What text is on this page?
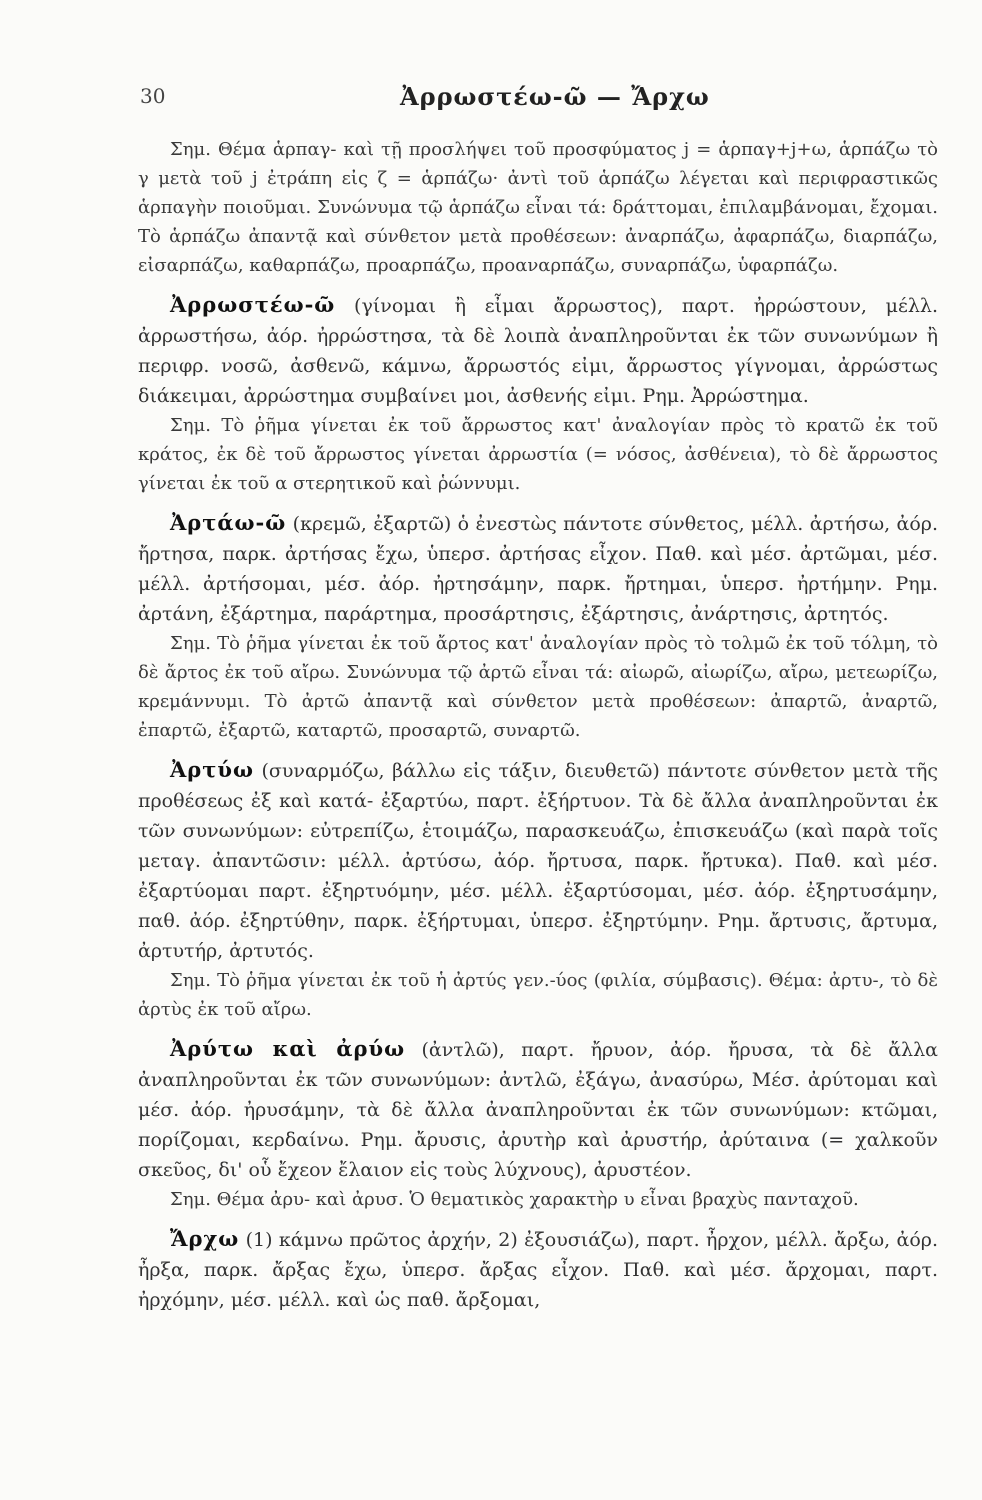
30	Ἀρρωστέω-ῶ — Ἄρχω

Σημ. Θέμα ἁρπαγ- καὶ τῇ προσλήψει τοῦ προσφύματος j = ἁρπαγ+j+ω, ἁρπάζω τὸ γ μετὰ τοῦ j ἐτράπη εἰς ζ = ἁρπάζω· ἀντὶ τοῦ ἁρπάζω λέγεται καὶ περιφραστικῶς ἁρπαγὴν ποιοῦμαι. Συνώνυμα τῷ ἁρπάζω εἶναι τά: δράττομαι, ἐπιλαμβάνομαι, ἔχομαι. Τὸ ἁρπάζω ἀπαντᾷ καὶ σύνθετον μετὰ προθέσεων: ἀναρπάζω, ἀφαρπάζω, διαρπάζω, εἰσαρπάζω, καθαρπάζω, προαρπάζω, προαναρπάζω, συναρπάζω, ὑφαρπάζω.

Ἀρρωστέω-ῶ (γίνομαι ἢ εἶμαι ἄρρωστος), παρτ. ἠρρώστουν, μέλλ. ἀρρωστήσω, ἀόρ. ἠρρώστησα, τὰ δὲ λοιπὰ ἀναπληροῦνται ἐκ τῶν συνωνύμων ἢ περιφρ. νοσῶ, ἀσθενῶ, κάμνω, ἄρρωστός εἰμι, ἄρρωστος γίγνομαι, ἀρρώστως διάκειμαι, ἀρρώστημα συμβαίνει μοι, ἀσθενής εἰμι. Ρημ. Ἀρρώστημα.

Σημ. Τὸ ῥῆμα γίνεται ἐκ τοῦ ἄρρωστος κατ' ἀναλογίαν πρὸς τὸ κρατῶ ἐκ τοῦ κράτος, ἐκ δὲ τοῦ ἄρρωστος γίνεται ἀρρωστία (= νόσος, ἀσθένεια), τὸ δὲ ἄρρωστος γίνεται ἐκ τοῦ α στερητικοῦ καὶ ῥώννυμι.

Ἀρτάω-ῶ (κρεμῶ, ἐξαρτῶ) ὁ ἐνεστὼς πάντοτε σύνθετος, μέλλ. ἀρτήσω, ἀόρ. ἤρτησα, παρκ. ἀρτήσας ἔχω, ὑπερσ. ἀρτήσας εἶχον. Παθ. καὶ μέσ. ἀρτῶμαι, μέσ. μέλλ. ἀρτήσομαι, μέσ. ἀόρ. ἠρτησάμην, παρκ. ἤρτημαι, ὑπερσ. ἠρτήμην. Ρημ. ἀρτάνη, ἐξάρτημα, παράρτημα, προσάρτησις, ἐξάρτησις, ἀνάρτησις, ἀρτητός.

Σημ. Τὸ ῥῆμα γίνεται ἐκ τοῦ ἄρτος κατ' ἀναλογίαν πρὸς τὸ τολμῶ ἐκ τοῦ τόλμη, τὸ δὲ ἄρτος ἐκ τοῦ αἴρω. Συνώνυμα τῷ ἀρτῶ εἶναι τά: αἰωρῶ, αἰωρίζω, αἴρω, μετεωρίζω, κρεμάννυμι. Τὸ ἀρτῶ ἀπαντᾷ καὶ σύνθετον μετὰ προθέσεων: ἀπαρτῶ, ἀναρτῶ, ἐπαρτῶ, ἐξαρτῶ, καταρτῶ, προσαρτῶ, συναρτῶ.

Ἀρτύω (συναρμόζω, βάλλω εἰς τάξιν, διευθετῶ) πάντοτε σύνθετον μετὰ τῆς προθέσεως ἐξ καὶ κατά- ἐξαρτύω, παρτ. ἐξήρτυον. Τὰ δὲ ἄλλα ἀναπληροῦνται ἐκ τῶν συνωνύμων: εὐτρεπίζω, ἑτοιμάζω, παρασκευάζω, ἐπισκευάζω (καὶ παρὰ τοῖς μεταγ. ἀπαντῶσιν: μέλλ. ἀρτύσω, ἀόρ. ἤρτυσα, παρκ. ἤρτυκα). Παθ. καὶ μέσ. ἐξαρτύομαι παρτ. ἐξηρτυόμην, μέσ. μέλλ. ἐξαρτύσομαι, μέσ. ἀόρ. ἐξηρτυσάμην, παθ. ἀόρ. ἐξηρτύθην, παρκ. ἐξήρτυμαι, ὑπερσ. ἐξηρτύμην. Ρημ. ἄρτυσις, ἄρτυμα, ἀρτυτήρ, ἀρτυτός.

Σημ. Τὸ ῥῆμα γίνεται ἐκ τοῦ ἡ ἀρτύς γεν.-ύος (φιλία, σύμβασις). Θέμα: ἀρτυ-, τὸ δὲ ἀρτὺς ἐκ τοῦ αἴρω.

Ἀρύτω καὶ ἀρύω (ἀντλῶ), παρτ. ἤρυον, ἀόρ. ἤρυσα, τὰ δὲ ἄλλα ἀναπληροῦνται ἐκ τῶν συνωνύμων: ἀντλῶ, ἐξάγω, ἀνασύρω, Μέσ. ἀρύτομαι καὶ μέσ. ἀόρ. ἠρυσάμην, τὰ δὲ ἄλλα ἀναπληροῦνται ἐκ τῶν συνωνύμων: κτῶμαι, πορίζομαι, κερδαίνω. Ρημ. ἄρυσις, ἀρυτὴρ καὶ ἀρυστήρ, ἀρύταινα (= χαλκοῦν σκεῦος, δι' οὗ ἔχεον ἔλαιον εἰς τοὺς λύχνους), ἀρυστέον.

Σημ. Θέμα ἀρυ- καὶ ἀρυσ. Ὁ θεματικὸς χαρακτὴρ υ εἶναι βραχὺς πανταχοῦ.

Ἄρχω (1) κάμνω πρῶτος ἀρχήν, 2) ἐξουσιάζω), παρτ. ἦρχον, μέλλ. ἄρξω, ἀόρ. ἦρξα, παρκ. ἄρξας ἔχω, ὑπερσ. ἄρξας εἶχον. Παθ. καὶ μέσ. ἄρχομαι, παρτ. ἠρχόμην, μέσ. μέλλ. καὶ ὡς παθ. ἄρξομαι,
